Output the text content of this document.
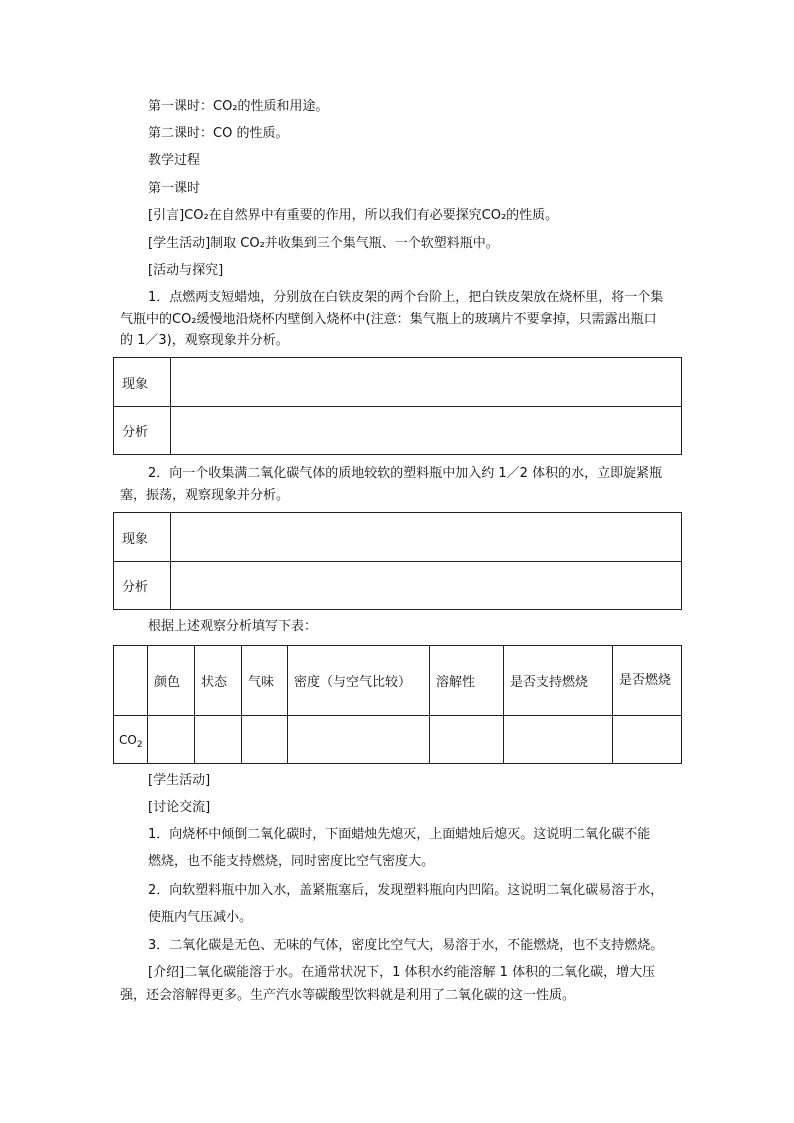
第一课时：CO₂的性质和用途。
第二课时：CO 的性质。
教学过程
第一课时
[引言]CO₂在自然界中有重要的作用，所以我们有必要探究CO₂的性质。
[学生活动]制取 CO₂并收集到三个集气瓶、一个软塑料瓶中。
[活动与探究]
1．点燃两支短蜡烛，分别放在白铁皮架的两个台阶上，把白铁皮架放在烧杯里，将一个集
气瓶中的CO₂缓慢地沿烧杯内壁倒入烧杯中(注意：集气瓶上的玻璃片不要拿掉，只需露出瓶口
的 1／3)，观察现象并分析。
现象	
分析	
2．向一个收集满二氧化碳气体的质地较软的塑料瓶中加入约 1／2 体积的水，立即旋紧瓶
塞，振荡，观察现象并分析。
现象	
分析	
根据上述观察分析填写下表：
	颜色	状态	气味	密度（与空气比较）	溶解性	是否支持燃烧	是否燃烧
$CO_2$							
[学生活动]
[讨论交流]
1．向烧杯中倾倒二氧化碳时，下面蜡烛先熄灭，上面蜡烛后熄灭。这说明二氧化碳不能
燃烧，也不能支持燃烧，同时密度比空气密度大。
2．向软塑料瓶中加入水，盖紧瓶塞后，发现塑料瓶向内凹陷。这说明二氧化碳易溶于水，
使瓶内气压减小。
3．二氧化碳是无色、无味的气体，密度比空气大，易溶于水，不能燃烧，也不支持燃烧。
[介绍]二氧化碳能溶于水。在通常状况下，1 体积水约能溶解 1 体积的二氧化碳，增大压
强，还会溶解得更多。生产汽水等碳酸型饮料就是利用了二氧化碳的这一性质。
